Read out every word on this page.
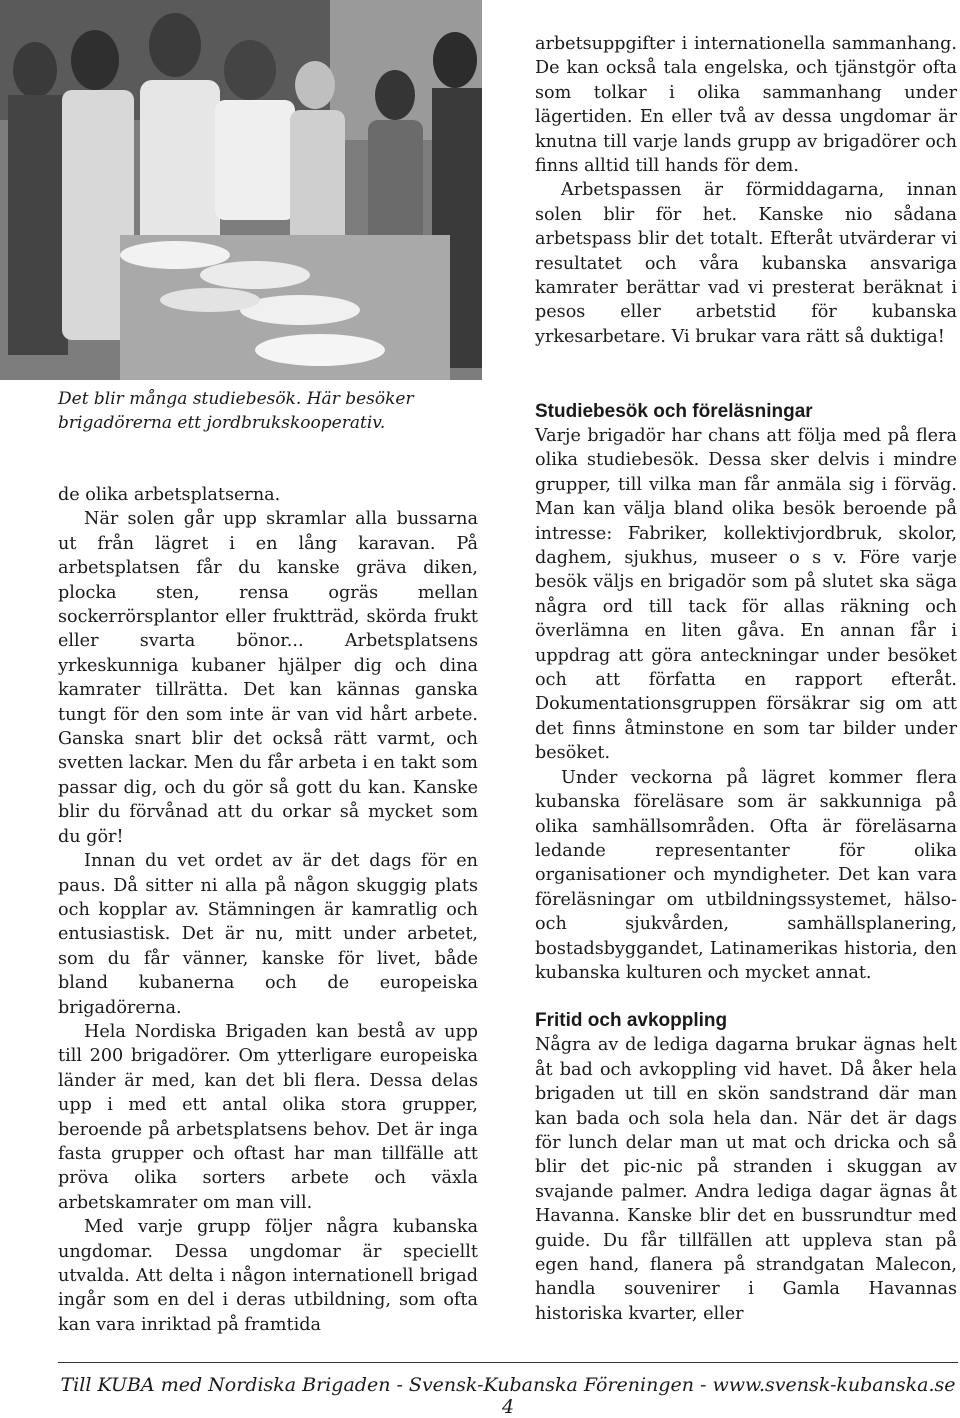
Det blir många studiebesök. Här besöker brigadörerna ett jordbrukskooperativ.

de olika arbetsplatserna.

När solen går upp skramlar alla bussarna ut från lägret i en lång karavan. På arbetsplatsen får du kanske gräva diken, plocka sten, rensa ogräs mellan sockerrörsplantor eller fruktträd, skörda frukt eller svarta bönor... Arbetsplatsens yrkeskunniga kubaner hjälper dig och dina kamrater tillrätta. Det kan kännas ganska tungt för den som inte är van vid hårt arbete. Ganska snart blir det också rätt varmt, och svetten lackar. Men du får arbeta i en takt som passar dig, och du gör så gott du kan. Kanske blir du förvånad att du orkar så mycket som du gör!

Innan du vet ordet av är det dags för en paus. Då sitter ni alla på någon skuggig plats och kopplar av. Stämningen är kamratlig och entusiastisk. Det är nu, mitt under arbetet, som du får vänner, kanske för livet, både bland kubanerna och de europeiska brigadörerna.

Hela Nordiska Brigaden kan bestå av upp till 200 brigadörer. Om ytterligare europeiska länder är med, kan det bli flera. Dessa delas upp i med ett antal olika stora grupper, beroende på arbetsplatsens behov. Det är inga fasta grupper och oftast har man tillfälle att pröva olika sorters arbete och växla arbetskamrater om man vill.

Med varje grupp följer några kubanska ungdomar. Dessa ungdomar är speciellt utvalda. Att delta i någon internationell brigad ingår som en del i deras utbildning, som ofta kan vara inriktad på framtida

arbetsuppgifter i internationella sammanhang. De kan också tala engelska, och tjänstgör ofta som tolkar i olika sammanhang under lägertiden. En eller två av dessa ungdomar är knutna till varje lands grupp av brigadörer och finns alltid till hands för dem.

Arbetspassen är förmiddagarna, innan solen blir för het. Kanske nio sådana arbetspass blir det totalt. Efteråt utvärderar vi resultatet och våra kubanska ansvariga kamrater berättar vad vi presterat beräknat i pesos eller arbetstid för kubanska yrkesarbetare. Vi brukar vara rätt så duktiga!

Studiebesök och föreläsningar

Varje brigadör har chans att följa med på flera olika studiebesök. Dessa sker delvis i mindre grupper, till vilka man får anmäla sig i förväg. Man kan välja bland olika besök beroende på intresse: Fabriker, kollektivjordbruk, skolor, daghem, sjukhus, museer o s v. Före varje besök väljs en brigadör som på slutet ska säga några ord till tack för allas räkning och överlämna en liten gåva. En annan får i uppdrag att göra anteckningar under besöket och att författa en rapport efteråt. Dokumentationsgruppen försäkrar sig om att det finns åtminstone en som tar bilder under besöket.

Under veckorna på lägret kommer flera kubanska föreläsare som är sakkunniga på olika samhällsområden. Ofta är föreläsarna ledande representanter för olika organisationer och myndigheter. Det kan vara föreläsningar om utbildningssystemet, hälso- och sjukvården, samhällsplanering, bostadsbyggandet, Latinamerikas historia, den kubanska kulturen och mycket annat.

Fritid och avkoppling

Några av de lediga dagarna brukar ägnas helt åt bad och avkoppling vid havet. Då åker hela brigaden ut till en skön sandstrand där man kan bada och sola hela dan. När det är dags för lunch delar man ut mat och dricka och så blir det pic-nic på stranden i skuggan av svajande palmer. Andra lediga dagar ägnas åt Havanna. Kanske blir det en bussrundtur med guide. Du får tillfällen att uppleva stan på egen hand, flanera på strandgatan Malecon, handla souvenirer i Gamla Havannas historiska kvarter, eller

Till KUBA med Nordiska Brigaden - Svensk-Kubanska Föreningen - www.svensk-kubanska.se
4
